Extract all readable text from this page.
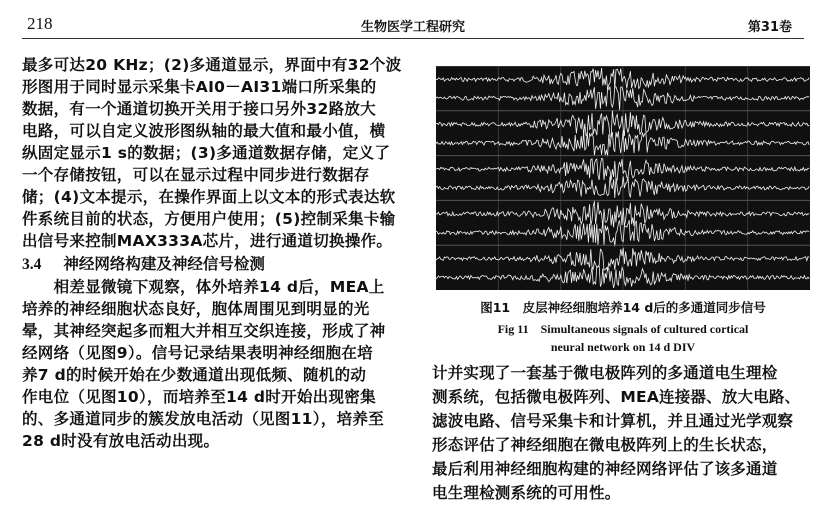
218	生物医学工程研究	第31卷
最多可达20 KHz；(2)多通道显示，界面中有32个波
形图用于同时显示采集卡AI0－AI31端口所采集的
数据，有一个通道切换开关用于接口另外32路放大
电路，可以自定义波形图纵轴的最大值和最小值，横
纵固定显示1 s的数据；(3)多通道数据存储，定义了
一个存储按钮，可以在显示过程中同步进行数据存
储；(4)文本提示，在操作界面上以文本的形式表达软
件系统目前的状态，方便用户使用；(5)控制采集卡输
出信号来控制MAX333A芯片，进行通道切换操作。
3.4 神经网络构建及神经信号检测
　　相差显微镜下观察，体外培养14 d后，MEA上
培养的神经细胞状态良好，胞体周围见到明显的光
晕，其神经突起多而粗大并相互交织连接，形成了神
经网络（见图9）。信号记录结果表明神经细胞在培
养7 d的时候开始在少数通道出现低频、随机的动
作电位（见图10），而培养至14 d时开始出现密集
的、多通道同步的簇发放电活动（见图11），培养至
28 d时没有放电活动出现。
图11　皮层神经细胞培养14 d后的多通道同步信号
Fig 11　Simultaneous signals of cultured cortical
neural network on 14 d DIV
计并实现了一套基于微电极阵列的多通道电生理检
测系统，包括微电极阵列、MEA连接器、放大电路、
滤波电路、信号采集卡和计算机，并且通过光学观察
形态评估了神经细胞在微电极阵列上的生长状态，
最后利用神经细胞构建的神经网络评估了该多通道
电生理检测系统的可用性。
